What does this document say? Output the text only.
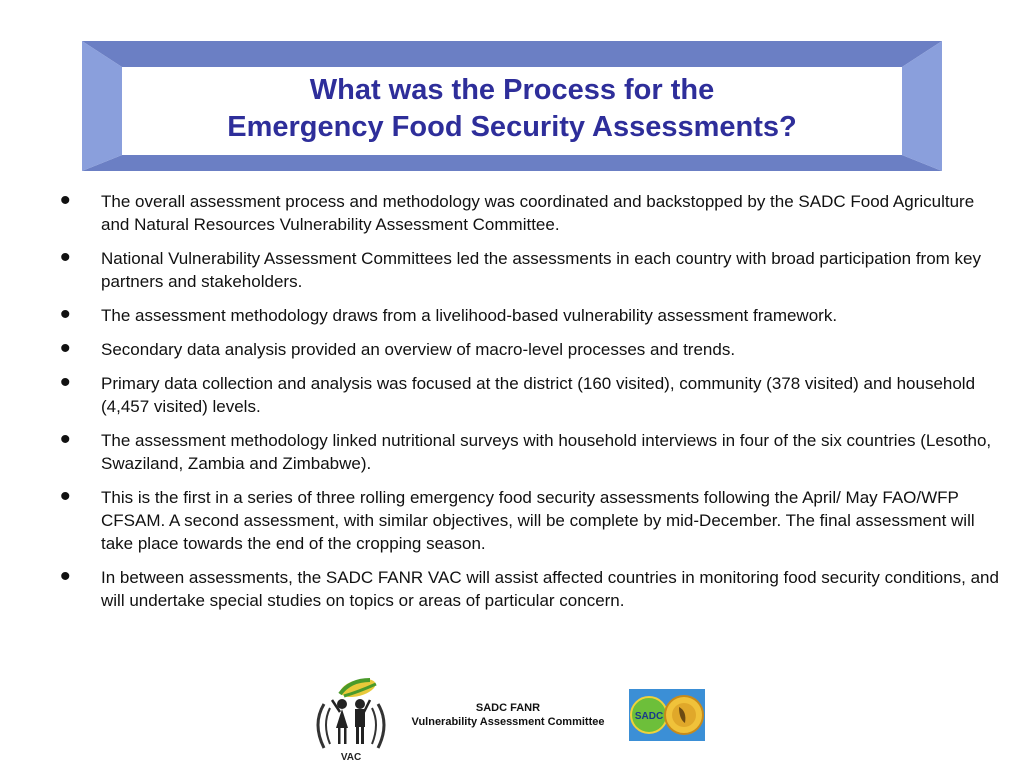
What was the Process for the
Emergency Food Security Assessments?
• The overall assessment process and methodology was coordinated and backstopped by the SADC Food Agriculture and Natural Resources Vulnerability Assessment Committee.
• National Vulnerability Assessment Committees led the assessments in each country with broad participation from key partners and stakeholders.
• The assessment methodology draws from a livelihood-based vulnerability assessment framework.
• Secondary data analysis provided an overview of macro-level processes and trends.
• Primary data collection and analysis was focused at the district (160 visited), community (378 visited) and household (4,457 visited) levels.
• The assessment methodology linked nutritional surveys with household interviews in four of the six countries (Lesotho, Swaziland, Zambia and Zimbabwe).
• This is the first in a series of three rolling emergency food security assessments following the April/ May FAO/WFP CFSAM. A second assessment, with similar objectives, will be complete by mid-December. The final assessment will take place towards the end of the cropping season.
• In between assessments, the SADC FANR VAC will assist affected countries in monitoring food security conditions, and will undertake special studies on topics or areas of particular concern.
VAC
SADC FANR
Vulnerability Assessment Committee	SADC
